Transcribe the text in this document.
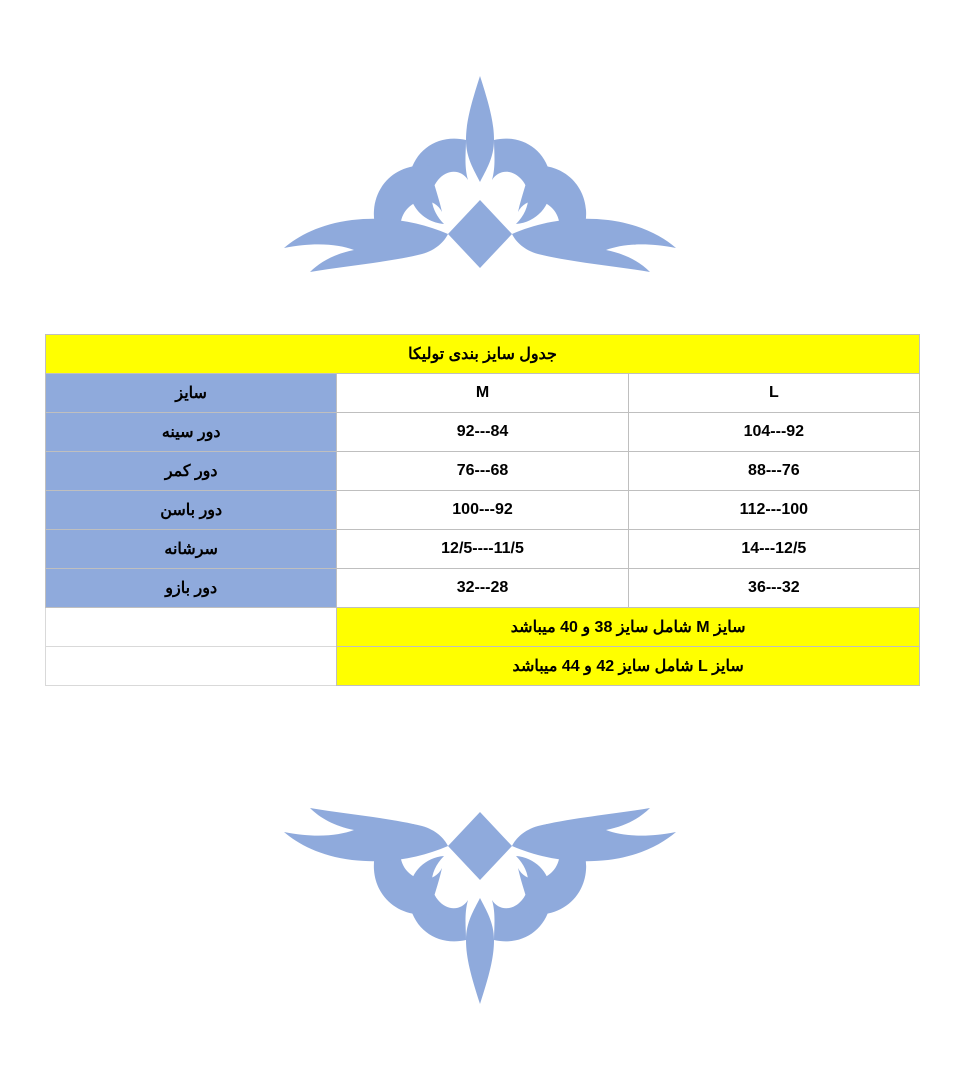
جدول سایز بندی تولیکا		
L	M	سایز
92---104	84---92	دور سینه
76---88	68---76	دور کمر
100---112	92---100	دور باسن
12/5---14	11/5----12/5	سرشانه
32---36	28---32	دور بازو
سایز M شامل سایز 38 و 40 میباشد		
سایز L شامل سایز 42 و 44 میباشد		
